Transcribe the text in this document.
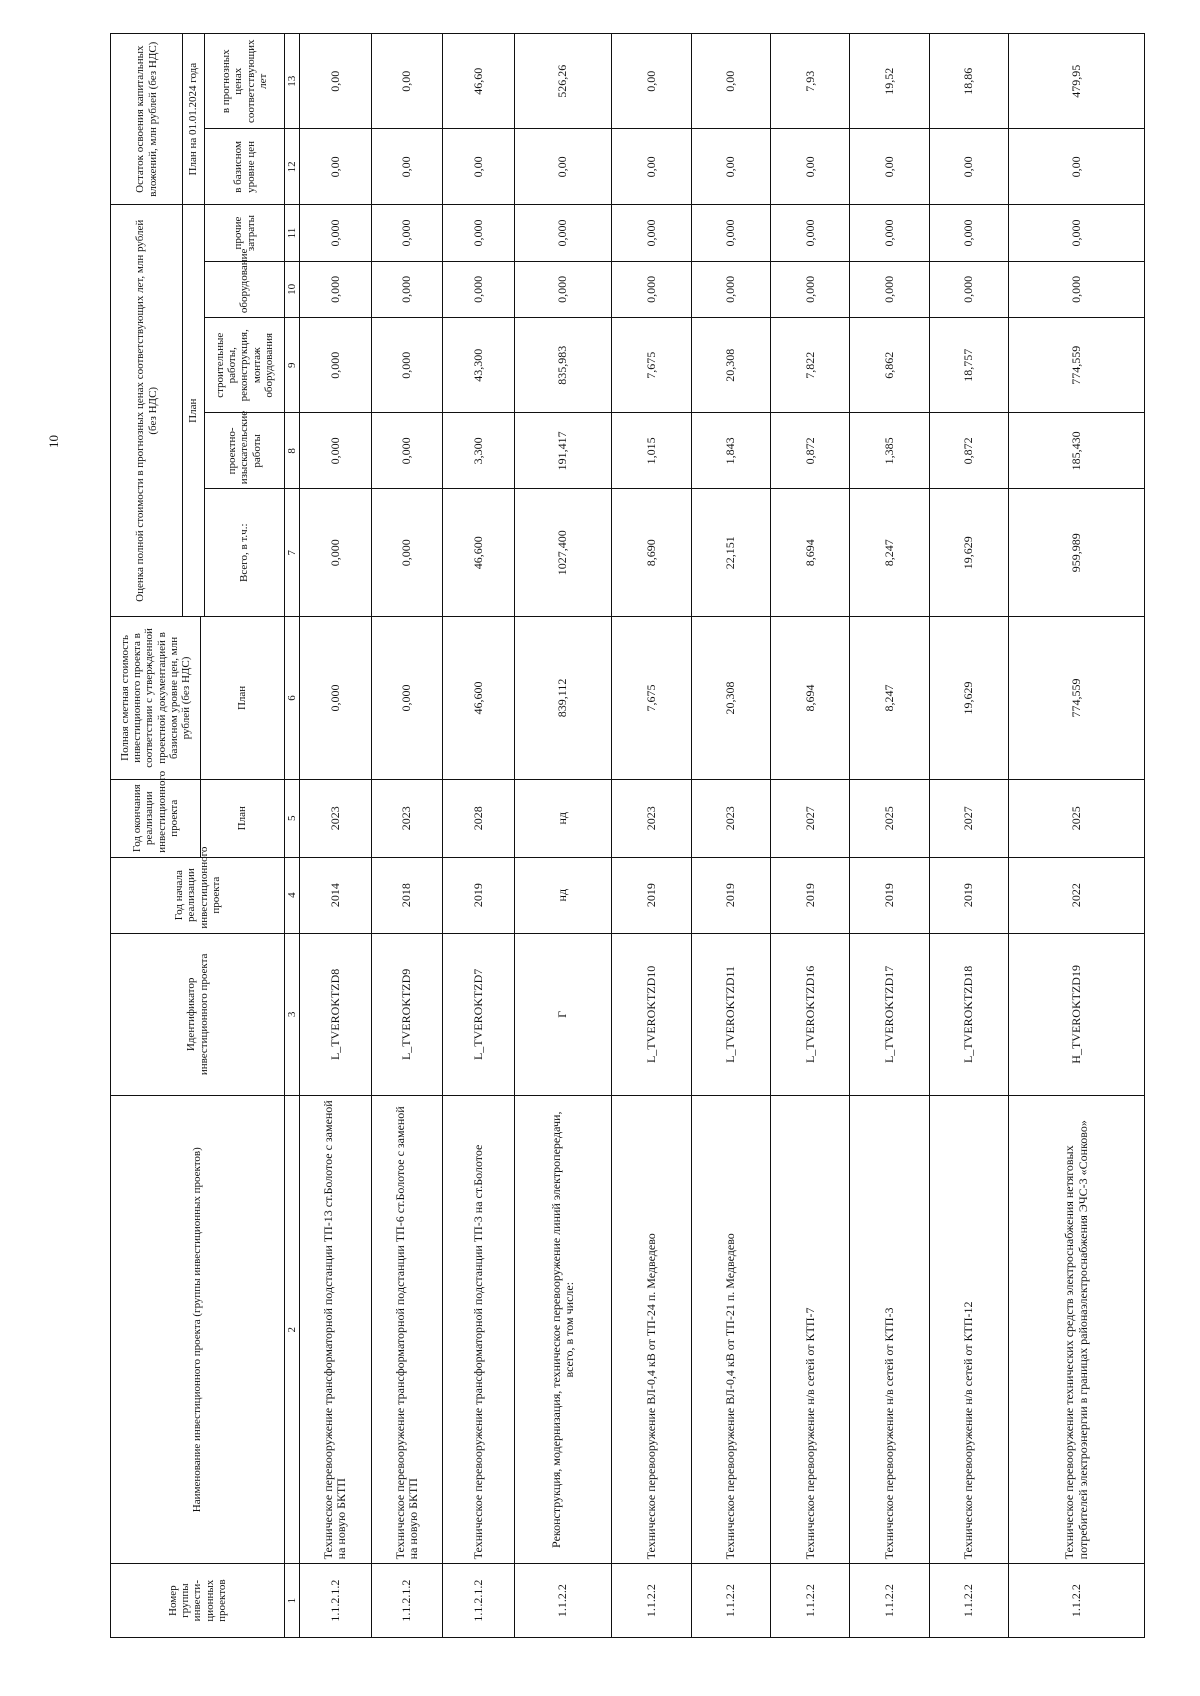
10
Номер группы инвести-ционных проектов	Наименование инвестиционного проекта (группы инвестиционных проектов)	Идентификатор инвестиционного проекта	Год начала реализации инвестиционного проекта	Год окончания реализации инвестиционного проекта	Полная сметная стоимость инвестиционного проекта в соответствии с утвержденной проектной документацией в базисном уровне цен, млн рублей (без НДС)	Оценка полной стоимости в прогнозных ценах соответствующих лет, млн рублей (без НДС)					Остаток освоения капитальных вложений, млн рублей (без НДС)	
						План					План на 01.01.2024 года	
				План	План							
						Всего, в т.ч.:	проектно-изыскательские работы	строительные работы, реконструкция, монтаж оборудования	оборудование	прочие затраты	в базисном уровне цен	в прогнозных ценах соответствующих лет
1	2	3	4	5	6	7	8	9	10	11	12	13
1.1.2.1.2	Техническое перевооружение трансформаторной подстанции ТП-13 ст.Болотое с заменой на новую БКТП	L_TVEROKTZD8	2014	2023	0,000	0,000	0,000	0,000	0,000	0,000	0,00	0,00
1.1.2.1.2	Техническое перевооружение трансформаторной подстанции ТП-6 ст.Болотое с заменой на новую БКТП	L_TVEROKTZD9	2018	2023	0,000	0,000	0,000	0,000	0,000	0,000	0,00	0,00
1.1.2.1.2	Техническое перевооружение трансформаторной подстанции ТП-3 на ст.Болотое	L_TVEROKTZD7	2019	2028	46,600	46,600	3,300	43,300	0,000	0,000	0,00	46,60
1.1.2.2	Реконструкция, модернизация, техническое перевооружение линий электропередачи, всего, в том числе:	Г	нд	нд	839,112	1027,400	191,417	835,983	0,000	0,000	0,00	526,26
1.1.2.2	Техническое перевооружение ВЛ-0,4 кВ от ТП-24 п. Медведево	L_TVEROKTZD10	2019	2023	7,675	8,690	1,015	7,675	0,000	0,000	0,00	0,00
1.1.2.2	Техническое перевооружение ВЛ-0,4 кВ от ТП-21 п. Медведево	L_TVEROKTZD11	2019	2023	20,308	22,151	1,843	20,308	0,000	0,000	0,00	0,00
1.1.2.2	Техническое перевооружение н/в сетей от КТП-7	L_TVEROKTZD16	2019	2027	8,694	8,694	0,872	7,822	0,000	0,000	0,00	7,93
1.1.2.2	Техническое перевооружение н/в сетей от КТП-3	L_TVEROKTZD17	2019	2025	8,247	8,247	1,385	6,862	0,000	0,000	0,00	19,52
1.1.2.2	Техническое перевооружение н/в сетей от КТП-12	L_TVEROKTZD18	2019	2027	19,629	19,629	0,872	18,757	0,000	0,000	0,00	18,86
1.1.2.2	Техническое перевооружение технических средств электроснабжения нетяговых потребителей электроэнергии в границах районаэлектроснабжения ЭЧС-3 «Сонково»	H_TVEROKTZD19	2022	2025	774,559	959,989	185,430	774,559	0,000	0,000	0,00	479,95
